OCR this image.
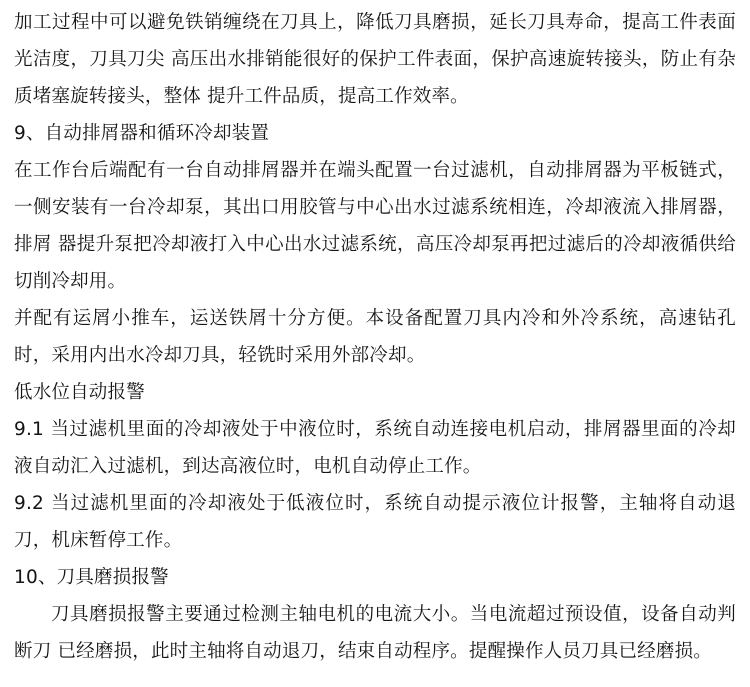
加工过程中可以避免铁销缠绕在刀具上，降低刀具磨损，延长刀具寿命，提高工件表面光洁度，刀具刀尖 高压出水排销能很好的保护工件表面，保护高速旋转接头，防止有杂质堵塞旋转接头，整体 提升工件品质，提高工作效率。

9、自动排屑器和循环冷却装置

在工作台后端配有一台自动排屑器并在端头配置一台过滤机，自动排屑器为平板链式，一侧安装有一台冷却泵，其出口用胶管与中心出水过滤系统相连，冷却液流入排屑器，排屑 器提升泵把冷却液打入中心出水过滤系统，高压冷却泵再把过滤后的冷却液循供给切削冷却用。

并配有运屑小推车，运送铁屑十分方便。本设备配置刀具内冷和外冷系统，高速钻孔 时，采用内出水冷却刀具，轻铣时采用外部冷却。

低水位自动报警

9.1 当过滤机里面的冷却液处于中液位时，系统自动连接电机启动，排屑器里面的冷却 液自动汇入过滤机，到达高液位时，电机自动停止工作。

9.2 当过滤机里面的冷却液处于低液位时，系统自动提示液位计报警，主轴将自动退刀，机床暂停工作。

10、刀具磨损报警

刀具磨损报警主要通过检测主轴电机的电流大小。当电流超过预设值，设备自动判断刀 已经磨损，此时主轴将自动退刀，结束自动程序。提醒操作人员刀具已经磨损。
